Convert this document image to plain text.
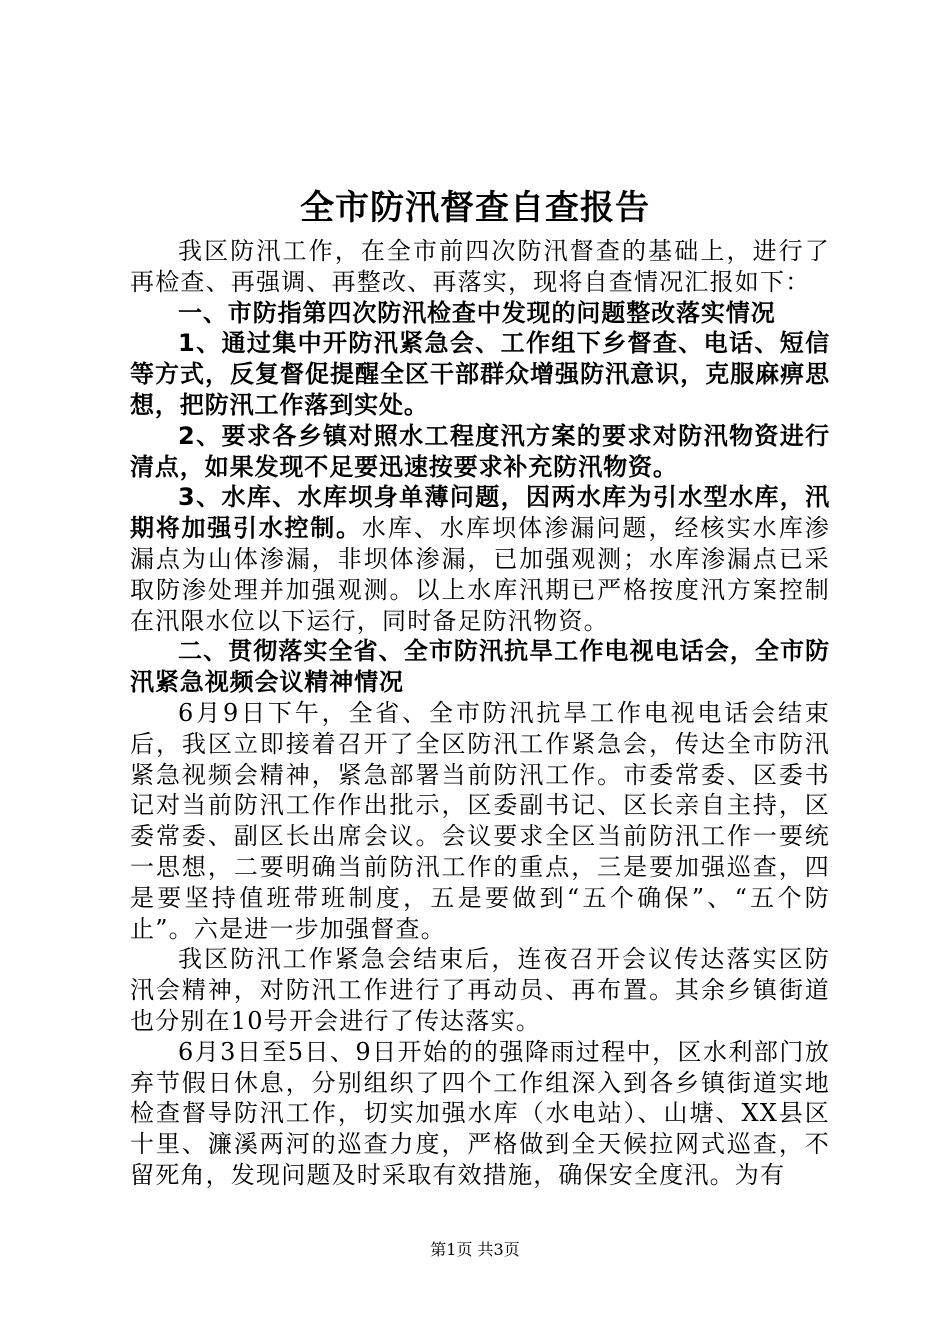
全市防汛督查自查报告

我区防汛工作，在全市前四次防汛督查的基础上，进行了再检查、再强调、再整改、再落实，现将自查情况汇报如下：

一、市防指第四次防汛检查中发现的问题整改落实情况

1、通过集中开防汛紧急会、工作组下乡督查、电话、短信等方式，反复督促提醒全区干部群众增强防汛意识，克服麻痹思想，把防汛工作落到实处。

2、要求各乡镇对照水工程度汛方案的要求对防汛物资进行清点，如果发现不足要迅速按要求补充防汛物资。

3、水库、水库坝身单薄问题，因两水库为引水型水库，汛期将加强引水控制。水库、水库坝体渗漏问题，经核实水库渗漏点为山体渗漏，非坝体渗漏，已加强观测；水库渗漏点已采取防渗处理并加强观测。以上水库汛期已严格按度汛方案控制在汛限水位以下运行，同时备足防汛物资。

二、贯彻落实全省、全市防汛抗旱工作电视电话会，全市防汛紧急视频会议精神情况

6月9日下午，全省、全市防汛抗旱工作电视电话会结束后，我区立即接着召开了全区防汛工作紧急会，传达全市防汛紧急视频会精神，紧急部署当前防汛工作。市委常委、区委书记对当前防汛工作作出批示，区委副书记、区长亲自主持，区委常委、副区长出席会议。会议要求全区当前防汛工作一要统一思想，二要明确当前防汛工作的重点，三是要加强巡查，四是要坚持值班带班制度，五是要做到“五个确保”、“五个防止”。六是进一步加强督查。

我区防汛工作紧急会结束后，连夜召开会议传达落实区防汛会精神，对防汛工作进行了再动员、再布置。其余乡镇街道也分别在10号开会进行了传达落实。

6月3日至5日、9日开始的的强降雨过程中，区水利部门放弃节假日休息，分别组织了四个工作组深入到各乡镇街道实地检查督导防汛工作，切实加强水库（水电站）、山塘、XX县区十里、濂溪两河的巡查力度，严格做到全天候拉网式巡查，不留死角，发现问题及时采取有效措施，确保安全度汛。为有

第1页 共3页
